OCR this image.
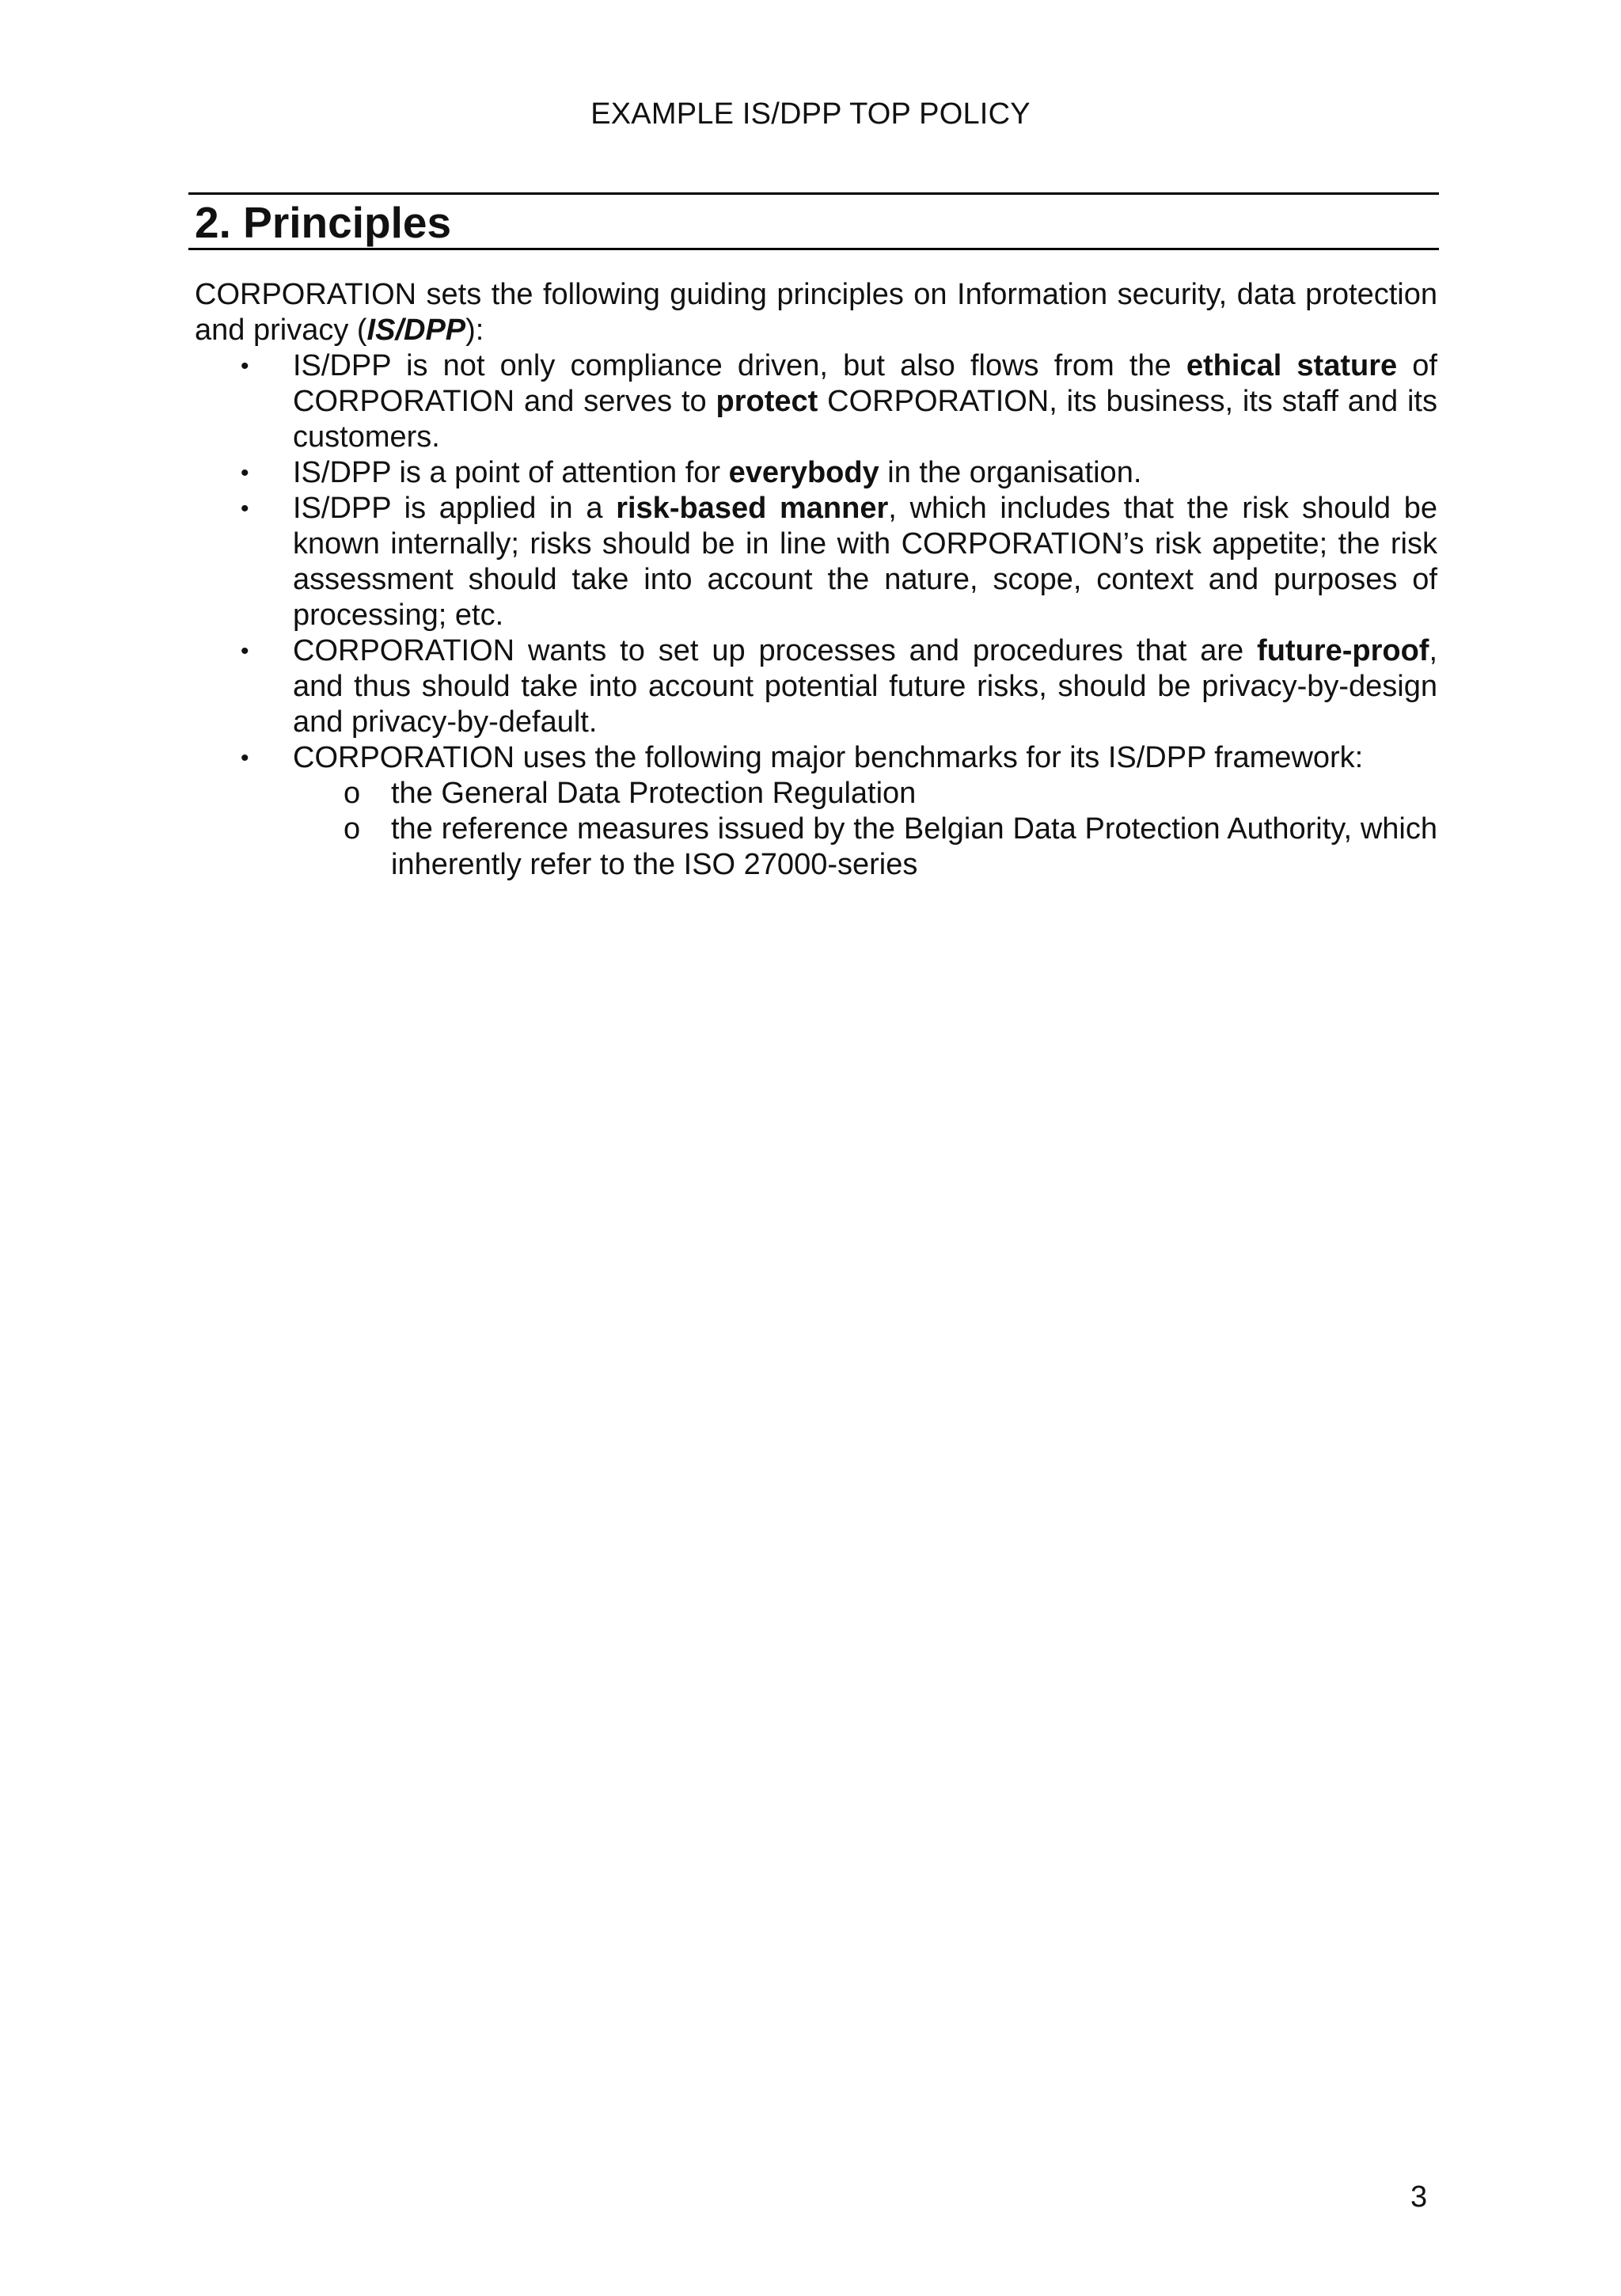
EXAMPLE IS/DPP TOP POLICY
2. Principles

CORPORATION sets the following guiding principles on Information security, data protection and privacy (IS/DPP):

• IS/DPP is not only compliance driven, but also flows from the ethical stature of CORPORATION and serves to protect CORPORATION, its business, its staff and its customers.
• IS/DPP is a point of attention for everybody in the organisation.
• IS/DPP is applied in a risk-based manner, which includes that the risk should be known internally; risks should be in line with CORPORATION’s risk appetite; the risk assessment should take into account the nature, scope, context and purposes of processing; etc.
• CORPORATION wants to set up processes and procedures that are future-proof, and thus should take into account potential future risks, should be privacy-by-design and privacy-by-default.
• CORPORATION uses the following major benchmarks for its IS/DPP framework:
o the General Data Protection Regulation
o the reference measures issued by the Belgian Data Protection Authority, which inherently refer to the ISO 27000-series
3
